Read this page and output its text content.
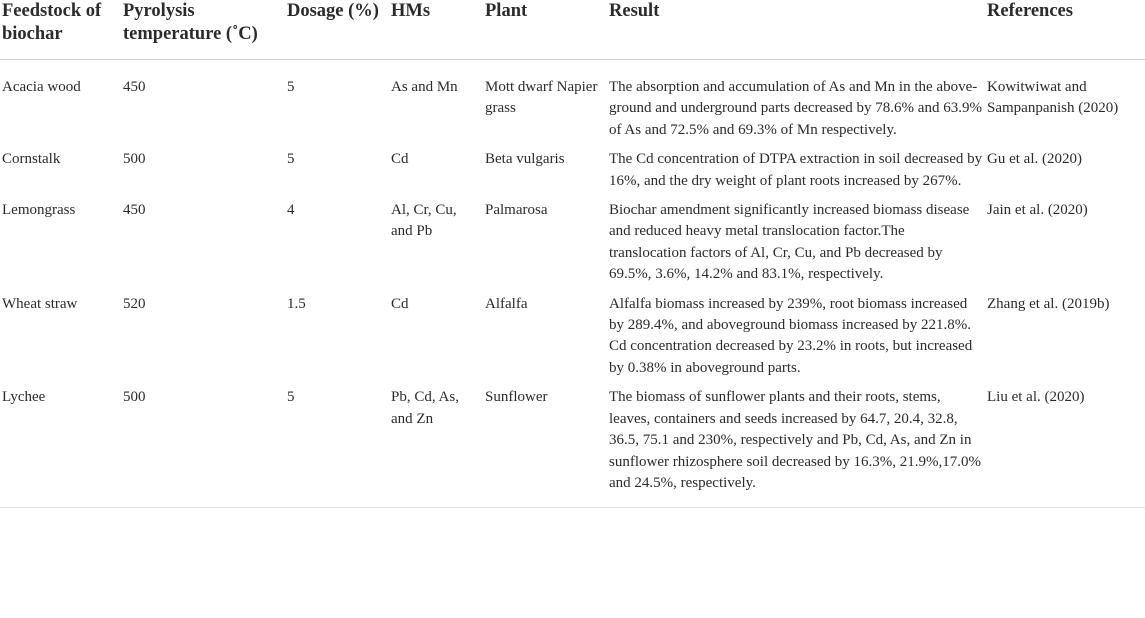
Feedstock of biochar	Pyrolysis temperature (˚C)	Dosage (%)	HMs	Plant	Result	References
Acacia wood	450	5	As and Mn	Mott dwarf Napier grass	The absorption and accumulation of As and Mn in the above-ground and underground parts decreased by 78.6% and 63.9% of As and 72.5% and 69.3% of Mn respectively.	Kowitwiwat and Sampanpanish (2020)
Cornstalk	500	5	Cd	Beta vulgaris	The Cd concentration of DTPA extraction in soil decreased by 16%, and the dry weight of plant roots increased by 267%.	Gu et al. (2020)
Lemongrass	450	4	Al, Cr, Cu, and Pb	Palmarosa	Biochar amendment significantly increased biomass disease and reduced heavy metal translocation factor.The translocation factors of Al, Cr, Cu, and Pb decreased by 69.5%, 3.6%, 14.2% and 83.1%, respectively.	Jain et al. (2020)
Wheat straw	520	1.5	Cd	Alfalfa	Alfalfa biomass increased by 239%, root biomass increased by 289.4%, and aboveground biomass increased by 221.8%. Cd concentration decreased by 23.2% in roots, but increased by 0.38% in aboveground parts.	Zhang et al. (2019b)
Lychee	500	5	Pb, Cd, As, and Zn	Sunflower	The biomass of sunflower plants and their roots, stems, leaves, containers and seeds increased by 64.7, 20.4, 32.8, 36.5, 75.1 and 230%, respectively and Pb, Cd, As, and Zn in sunflower rhizosphere soil decreased by 16.3%, 21.9%,17.0% and 24.5%, respectively.	Liu et al. (2020)
